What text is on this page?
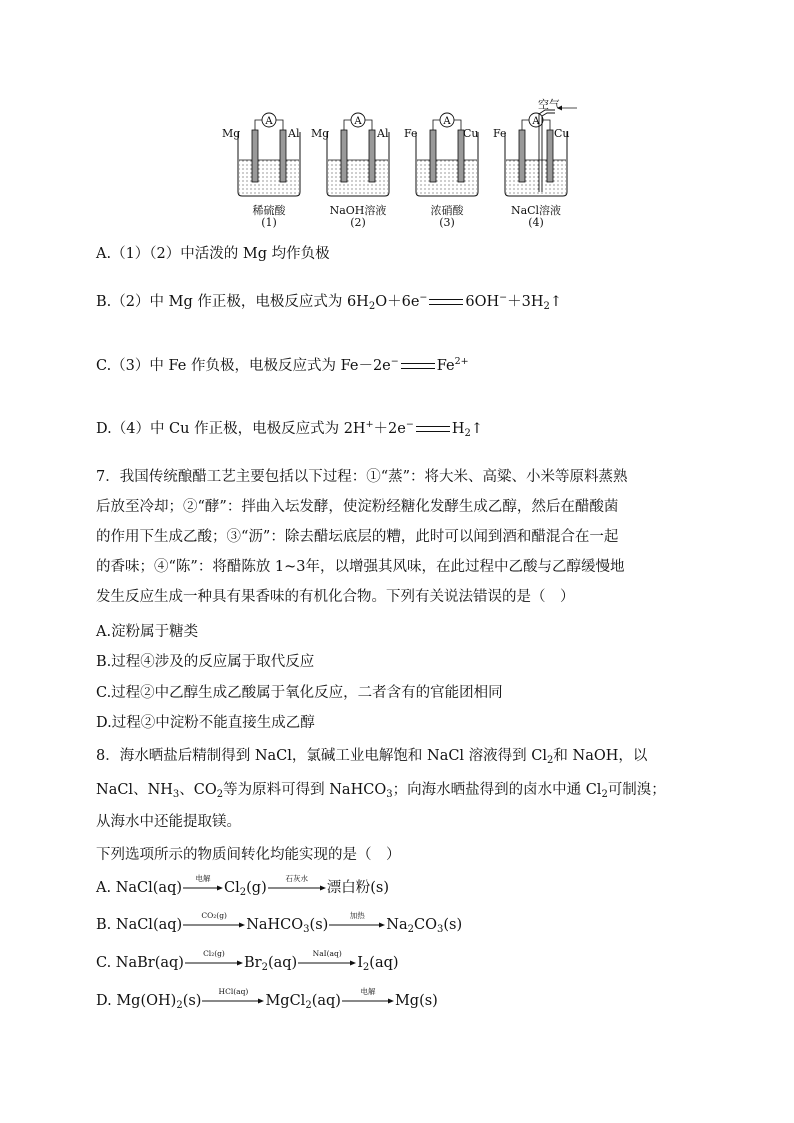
A	A	A	A
Mg	Al Mg	Al Fe	Cu Fe	Cu
空气
稀硫酸
(1)
NaOH溶液
(2)
浓硝酸
(3)
NaCl溶液
(4)
A.（1）（2）中活泼的 Mg 均作负极
B.（2）中 Mg 作正极，电极反应式为 $6H_2O+6e^-$	$6OH^-+3H_2↑$
C.（3）中 Fe 作负极，电极反应式为 Fe－2e−	$Fe^{2+}$
D.（4）中 Cu 作正极，电极反应式为 2H+＋2e−	$H_2↑$
7．我国传统酿醋工艺主要包括以下过程：①“蒸”：将大米、高粱、小米等原料蒸熟
后放至冷却；②“酵”：拌曲入坛发酵，使淀粉经糖化发酵生成乙醇，然后在醋酸菌
的作用下生成乙酸；③“沥”：除去醋坛底层的糟，此时可以闻到酒和醋混合在一起
的香味；④“陈”：将醋陈放 1~3年，以增强其风味，在此过程中乙酸与乙醇缓慢地
发生反应生成一种具有果香味的有机化合物。下列有关说法错误的是（　）
A.淀粉属于糖类
B.过程④涉及的反应属于取代反应
C.过程②中乙醇生成乙酸属于氧化反应，二者含有的官能团相同
D.过程②中淀粉不能直接生成乙醇
8．海水晒盐后精制得到 NaCl，氯碱工业电解饱和 NaCl 溶液得到 $Cl_2$和 NaOH，以
NaCl、$NH_3$、$CO_2$等为原料可得到 NaHCO$_3$；向海水晒盐得到的卤水中通 $Cl_2$可制溴；
从海水中还能提取镁。
下列选项所示的物质间转化均能实现的是（　）
A. NaCl(aq)
电解
$Cl_2(g)$
石灰水
漂白粉(s)
B. NaCl(aq)
CO₂(g)
NaHCO$_3$(s)
加热
$Na_2CO_3(s)$
C. NaBr(aq)
Cl₂(g)
$Br_2(aq)$
NaI(aq)
$I_2(aq)$
D. $Mg(OH)_2(s)$
HCl(aq)
MgCl$_2$(aq)
电解
Mg(s)
